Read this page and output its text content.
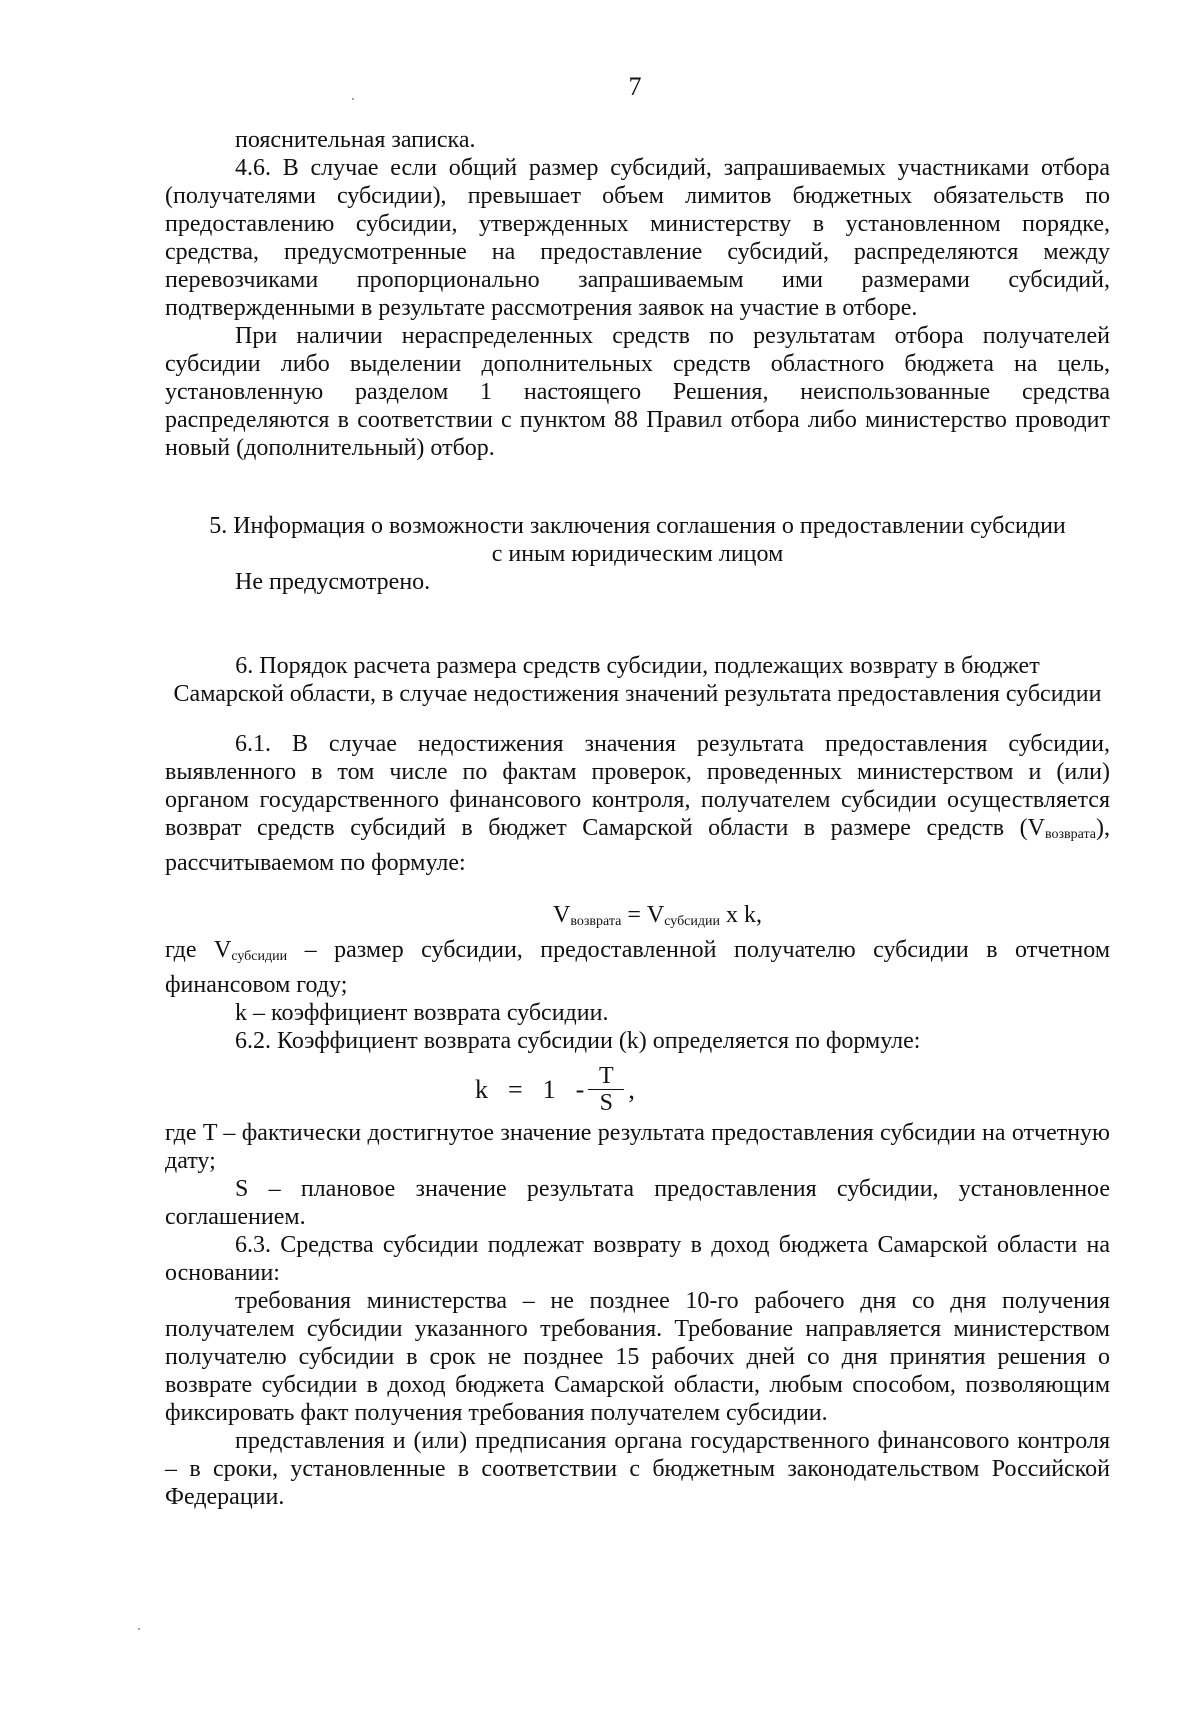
7

пояснительная записка.

4.6. В случае если общий размер субсидий, запрашиваемых участниками отбора (получателями субсидии), превышает объем лимитов бюджетных обязательств по предоставлению субсидии, утвержденных министерству в установленном порядке, средства, предусмотренные на предоставление субсидий, распределяются между перевозчиками пропорционально запрашиваемым ими размерами субсидий, подтвержденными в результате рассмотрения заявок на участие в отборе.

При наличии нераспределенных средств по результатам отбора получателей субсидии либо выделении дополнительных средств областного бюджета на цель, установленную разделом 1 настоящего Решения, неиспользованные средства распределяются в соответствии с пунктом 88 Правил отбора либо министерство проводит новый (дополнительный) отбор.

5. Информация о возможности заключения соглашения о предоставлении субсидии
с иным юридическим лицом

Не предусмотрено.

6. Порядок расчета размера средств субсидии, подлежащих возврату в бюджет
Самарской области, в случае недостижения значений результата предоставления субсидии

6.1. В случае недостижения значения результата предоставления субсидии, выявленного в том числе по фактам проверок, проведенных министерством и (или) органом государственного финансового контроля, получателем субсидии осуществляется возврат средств субсидий в бюджет Самарской области в размере средств $(V_{возврата})$, рассчитываемом по формуле:

$V_{возврата} = V_{субсидии}$ x k,

где $V_{субсидии}$ – размер субсидии, предоставленной получателю субсидии в отчетном финансовом году;

k – коэффициент возврата субсидии.

6.2. Коэффициент возврата субсидии (k) определяется по формуле:

$k = 1 - \frac{T}{S}$ ,

где T – фактически достигнутое значение результата предоставления субсидии на отчетную дату;

S – плановое значение результата предоставления субсидии, установленное соглашением.

6.3. Средства субсидии подлежат возврату в доход бюджета Самарской области на основании:

требования министерства – не позднее 10-го рабочего дня со дня получения получателем субсидии указанного требования. Требование направляется министерством получателю субсидии в срок не позднее 15 рабочих дней со дня принятия решения о возврате субсидии в доход бюджета Самарской области, любым способом, позволяющим фиксировать факт получения требования получателем субсидии.

представления и (или) предписания органа государственного финансового контроля – в сроки, установленные в соответствии с бюджетным законодательством Российской Федерации.
